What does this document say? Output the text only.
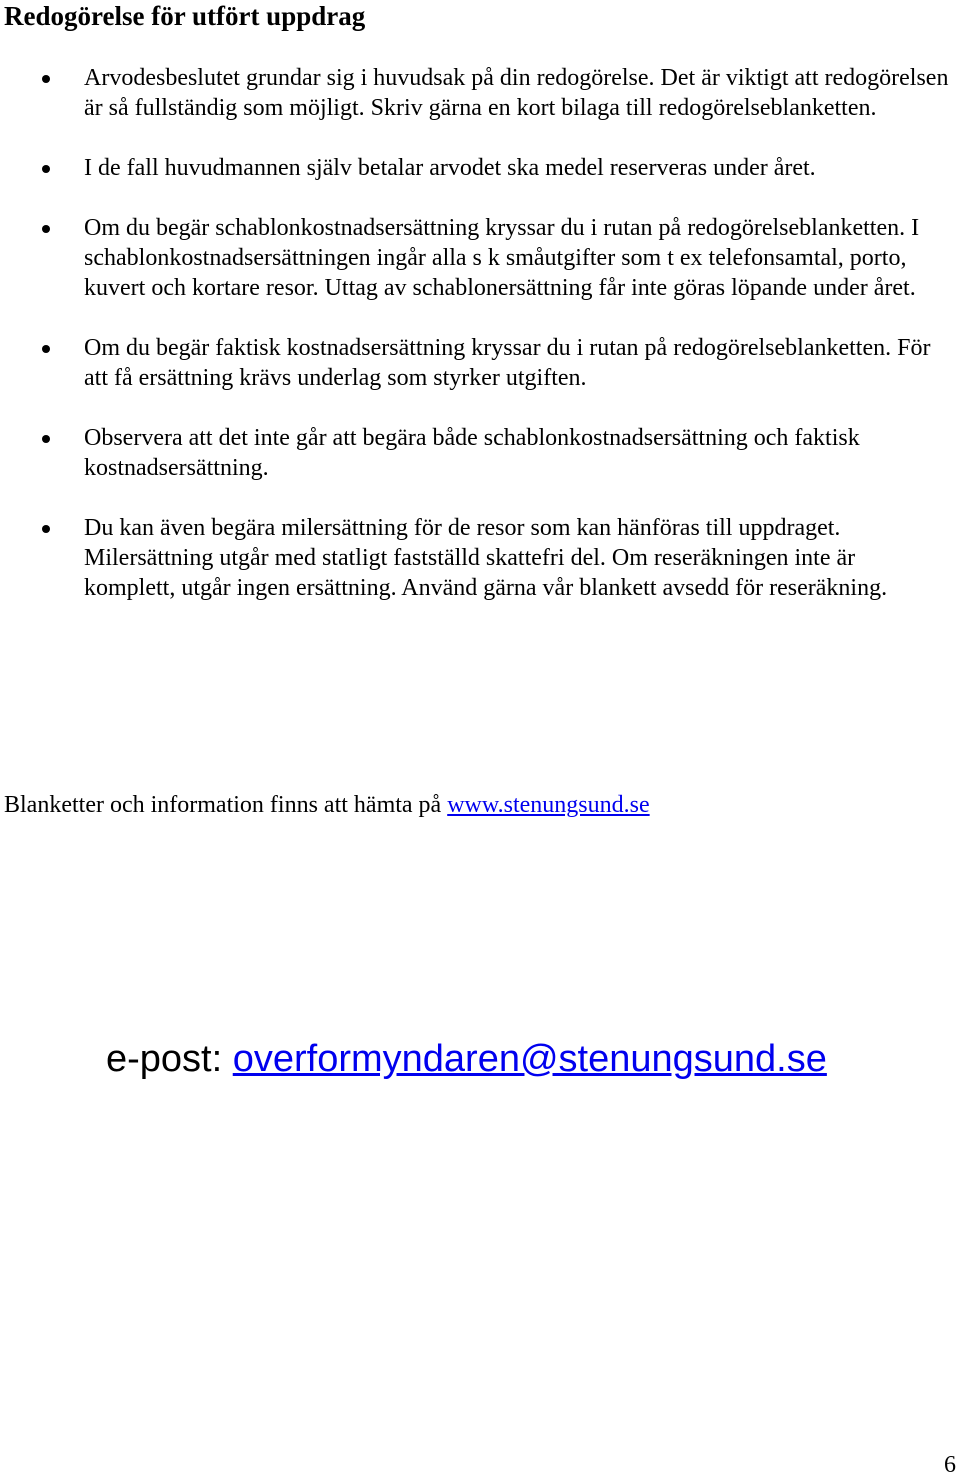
Redogörelse för utfört uppdrag
Arvodesbeslutet grundar sig i huvudsak på din redogörelse. Det är viktigt att redogörelsen är så fullständig som möjligt. Skriv gärna en kort bilaga till redogörelseblanketten.
I de fall huvudmannen själv betalar arvodet ska medel reserveras under året.
Om du begär schablonkostnadsersättning kryssar du i rutan på redogörelseblanketten. I schablonkostnadsersättningen ingår alla s k småutgifter som t ex telefonsamtal, porto, kuvert och kortare resor. Uttag av schablonersättning får inte göras löpande under året.
Om du begär faktisk kostnadsersättning kryssar du i rutan på redogörelseblanketten. För att få ersättning krävs underlag som styrker utgiften.
Observera att det inte går att begära både schablonkostnadsersättning och faktisk kostnadsersättning.
Du kan även begära milersättning för de resor som kan hänföras till uppdraget. Milersättning utgår med statligt fastställd skattefri del. Om reseräkningen inte är komplett, utgår ingen ersättning. Använd gärna vår blankett avsedd för reseräkning.
Blanketter och information finns att hämta på www.stenungsund.se
e-post: overformyndaren@stenungsund.se
6
